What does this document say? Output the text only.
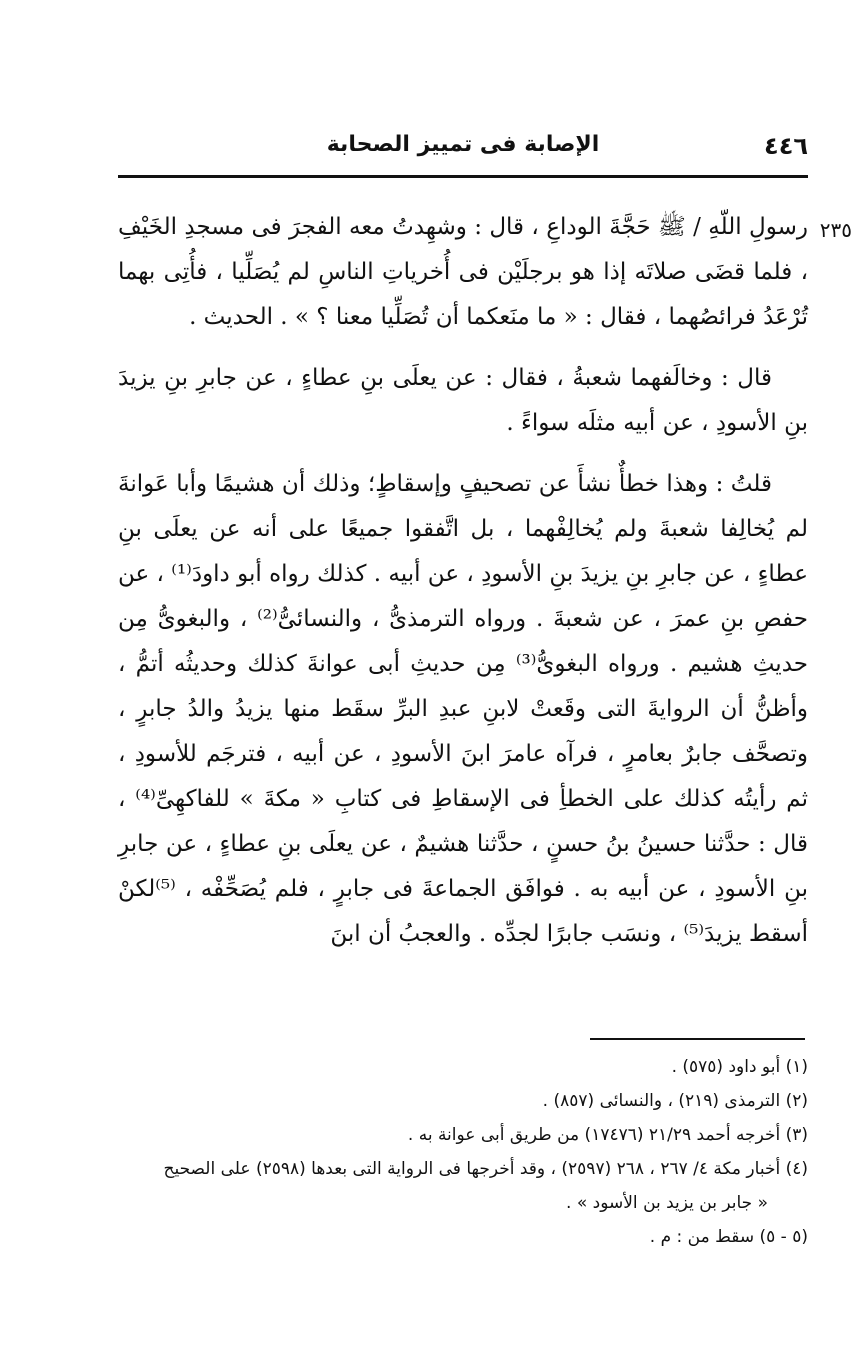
٤٤٦
الإصابة فى تمييز الصحابة
٢٣٥

رسولِ اللّهِ / ﷺ حَجَّةَ الوداعِ ، قال : وشهِدتُ معه الفجرَ فى مسجدِ الخَيْفِ ، فلما قضَى صلاتَه إذا هو برجلَيْن فى أُخرياتِ الناسِ لم يُصَلِّيا ، فأُتِى بهما تُرْعَدُ فرائصُهما ، فقال : « ما منَعكما أن تُصَلِّيا معنا ؟ » . الحديث .

قال : وخالَفهما شعبةُ ، فقال : عن يعلَى بنِ عطاءٍ ، عن جابرِ بنِ يزيدَ بنِ الأسودِ ، عن أبيه مثلَه سواءً .

قلتُ : وهذا خطأٌ نشأَ عن تصحيفٍ وإسقاطٍ؛ وذلك أن هشيمًا وأبا عَوانةَ لم يُخالِفا شعبةَ ولم يُخالِفْهما ، بل اتَّفقوا جميعًا على أنه عن يعلَى بنِ عطاءٍ ، عن جابرِ بنِ يزيدَ بنِ الأسودِ ، عن أبيه . كذلك رواه أبو داودَ⁽¹⁾ ، عن حفصِ بنِ عمرَ ، عن شعبةَ . ورواه الترمذىُّ ، والنسائىُّ⁽²⁾ ، والبغوىُّ مِن حديثِ هشيم . ورواه البغوىُّ⁽³⁾ مِن حديثِ أبى عوانةَ كذلك وحديثُه أتمُّ ، وأظنُّ أن الروايةَ التى وقَعتْ لابنِ عبدِ البرِّ سقَط منها يزيدُ والدُ جابرٍ ، وتصحَّف جابرٌ بعامرٍ ، فرآه عامرَ ابنَ الأسودِ ، عن أبيه ، فترجَم للأسودِ ، ثم رأيتُه كذلك على الخطأِ فى الإسقاطِ فى كتابِ « مكةَ » للفاكهِىِّ⁽⁴⁾ ، قال : حدَّثنا حسينُ بنُ حسنٍ ، حدَّثنا هشيمٌ ، عن يعلَى بنِ عطاءٍ ، عن جابرِ بنِ الأسودِ ، عن أبيه به . فوافَق الجماعةَ فى جابرٍ ، فلم يُصَحِّفْه ، ⁽⁵⁾لكنْ أسقط يزيدَ⁽⁵⁾ ، ونسَب جابرًا لجدِّه . والعجبُ أن ابنَ

(١) أبو داود (٥٧٥) .
(٢) الترمذى (٢١٩) ، والنسائى (٨٥٧) .
(٣) أخرجه أحمد ٢١/٢٩ (١٧٤٧٦) من طريق أبى عوانة به .
(٤) أخبار مكة ٤/ ٢٦٧ ، ٢٦٨ (٢٥٩٧) ، وقد أخرجها فى الرواية التى بعدها (٢٥٩٨) على الصحيح
« جابر بن يزيد بن الأسود » .
(٥ - ٥) سقط من : م .
